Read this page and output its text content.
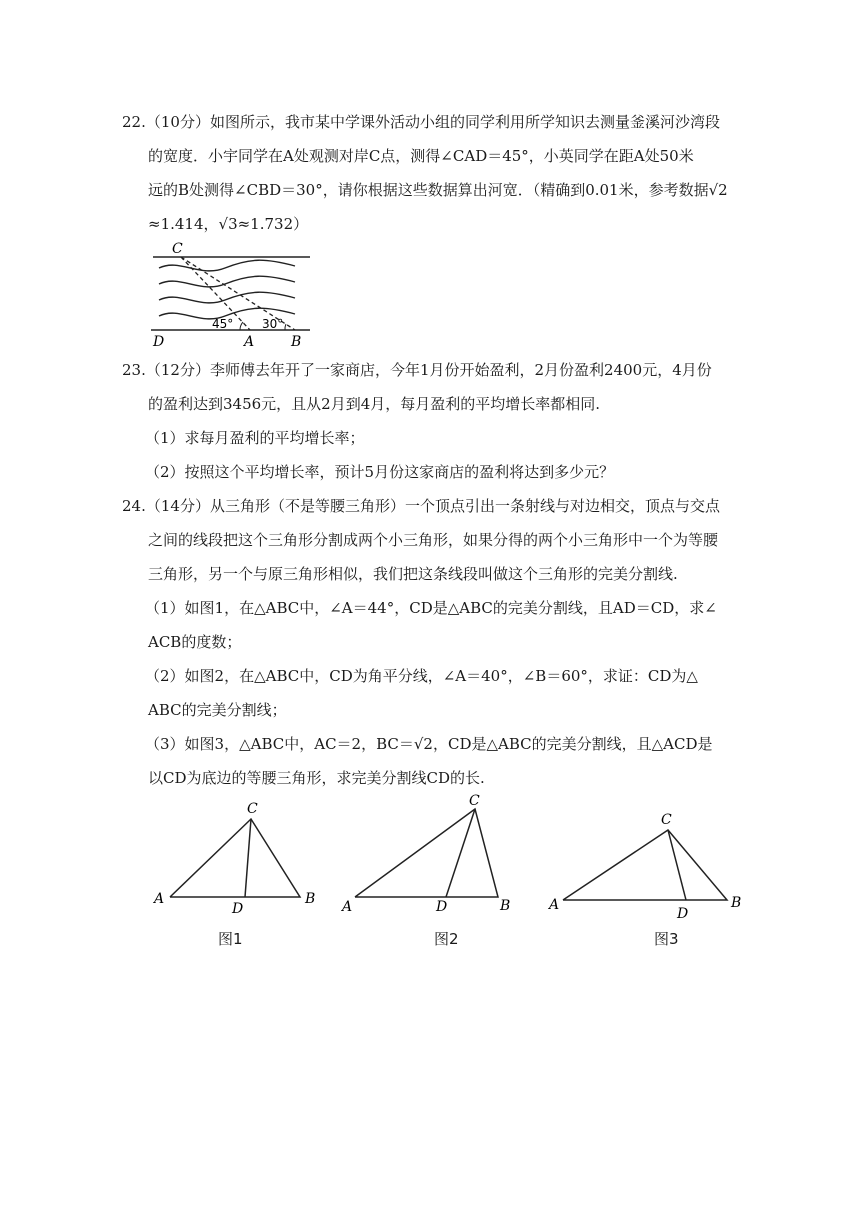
22.（10分）如图所示，我市某中学课外活动小组的同学利用所学知识去测量釜溪河沙湾段
的宽度．小宇同学在A处观测对岸C点，测得∠CAD＝45°，小英同学在距A处50米
远的B处测得∠CBD＝30°，请你根据这些数据算出河宽．（精确到0.01米，参考数据√2
≈1.414，√3≈1.732）
C
D	A	B
45° 30°
23.（12分）李师傅去年开了一家商店，今年1月份开始盈利，2月份盈利2400元，4月份
的盈利达到3456元，且从2月到4月，每月盈利的平均增长率都相同.
（1）求每月盈利的平均增长率；
（2）按照这个平均增长率，预计5月份这家商店的盈利将达到多少元？
24.（14分）从三角形（不是等腰三角形）一个顶点引出一条射线与对边相交，顶点与交点
之间的线段把这个三角形分割成两个小三角形，如果分得的两个小三角形中一个为等腰
三角形，另一个与原三角形相似，我们把这条线段叫做这个三角形的完美分割线.
（1）如图1，在△ABC中，∠A＝44°，CD是△ABC的完美分割线，且AD＝CD，求∠
ACB的度数；
（2）如图2，在△ABC中，CD为角平分线，∠A＝40°，∠B＝60°，求证：CD为△
ABC的完美分割线；
（3）如图3，△ABC中，AC＝2，BC＝√2，CD是△ABC的完美分割线，且△ACD是
以CD为底边的等腰三角形，求完美分割线CD的长.
C
A	B
D
图1
C
A	B
D
图2
C
A	B
D
图3
